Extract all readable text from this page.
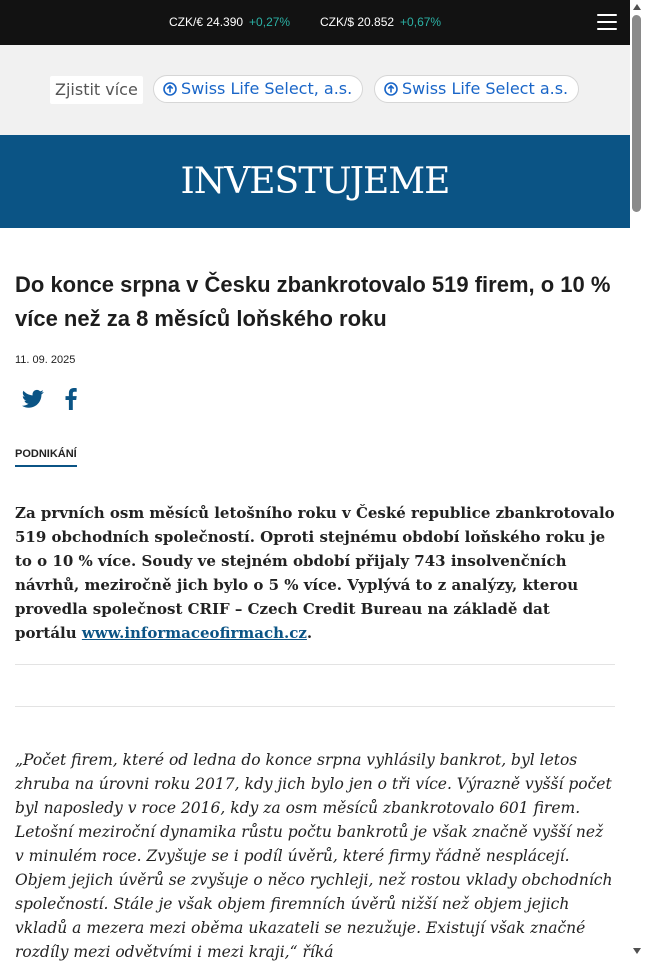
CZK/€ 24.390 +0,27% CZK/$ 20.852 +0,67%
Zjistit více	Swiss Life Select, a.s.	Swiss Life Select a.s.
INVESTUJEME
Do konce srpna v Česku zbankrotovalo 519 firem, o 10 % více než za 8 měsíců loňského roku
11. 09. 2025
PODNIKÁNÍ

Za prvních osm měsíců letošního roku v České republice zbankrotovalo 519 obchodních společností. Oproti stejnému období loňského roku je to o 10 % více. Soudy ve stejném období přijaly 743 insolvenčních návrhů, meziročně jich bylo o 5 % více. Vyplývá to z analýzy, kterou provedla společnost CRIF – Czech Credit Bureau na základě dat portálu www.informaceofirmach.cz.

„Počet firem, které od ledna do konce srpna vyhlásily bankrot, byl letos zhruba na úrovni roku 2017, kdy jich bylo jen o tři více. Výrazně vyšší počet byl naposledy v roce 2016, kdy za osm měsíců zbankrotovalo 601 firem. Letošní meziroční dynamika růstu počtu bankrotů je však značně vyšší než v minulém roce. Zvyšuje se i podíl úvěrů, které firmy řádně nesplácejí. Objem jejich úvěrů se zvyšuje o něco rychleji, než rostou vklady obchodních společností. Stále je však objem firemních úvěrů nižší než objem jejich vkladů a mezera mezi oběma ukazateli se nezužuje. Existují však značné rozdíly mezi odvětvími i mezi kraji,“ říká
